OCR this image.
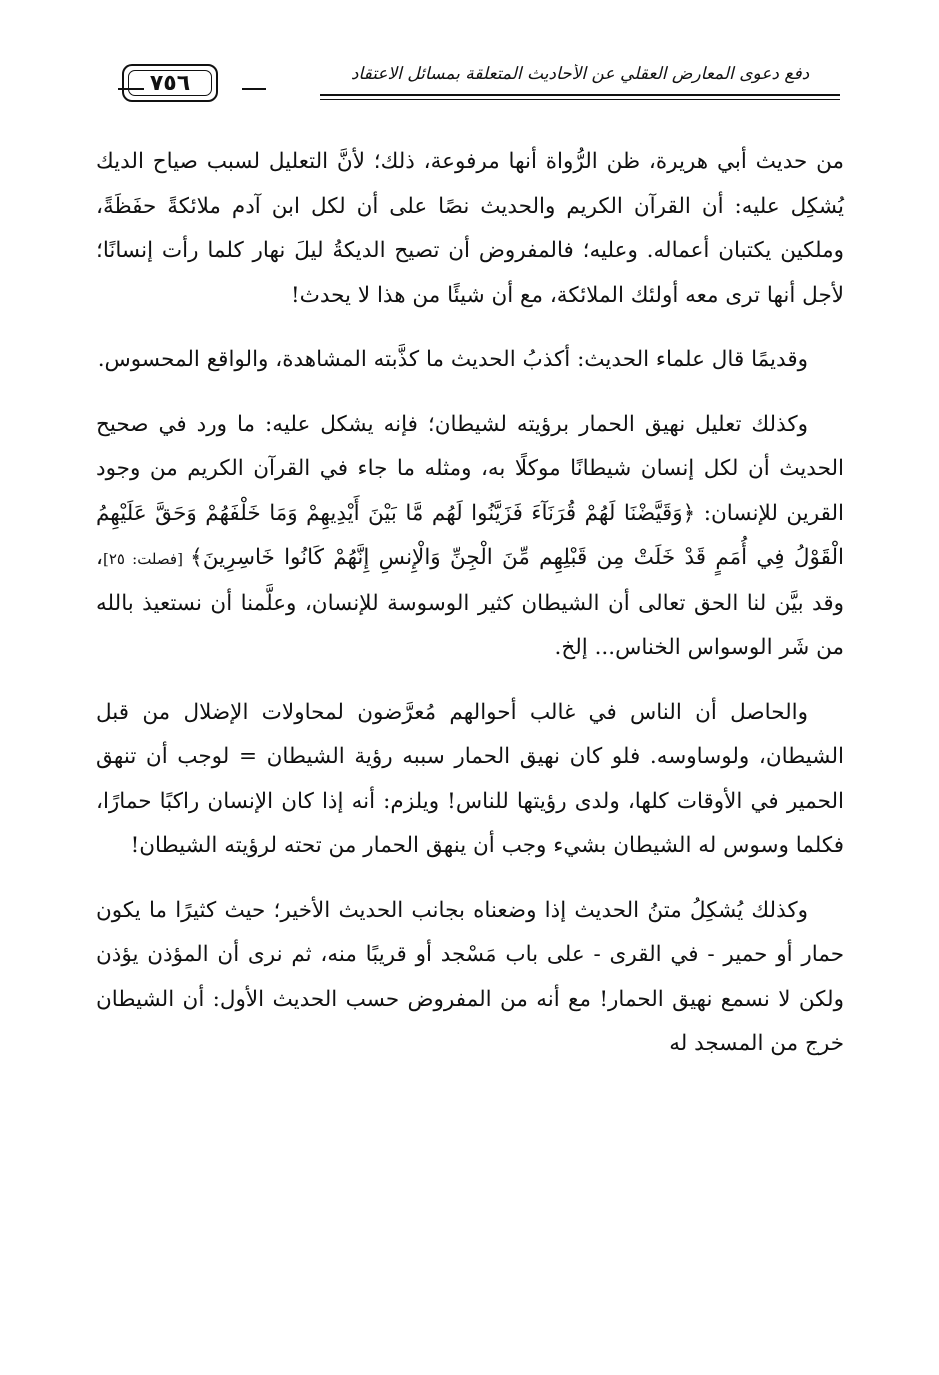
دفع دعوى المعارض العقلي عن الأحاديث المتعلقة بمسائل الاعتقاد
٧٥٦

من حديث أبي هريرة، ظن الرُّواة أنها مرفوعة، ذلك؛ لأنَّ التعليل لسبب صياح الديك يُشكِل عليه: أن القرآن الكريم والحديث نصًا على أن لكل ابن آدم ملائكةً حفَظَةً، وملكين يكتبان أعماله. وعليه؛ فالمفروض أن تصيح الديكةُ ليلَ نهار كلما رأت إنسانًا؛ لأجل أنها ترى معه أولئك الملائكة، مع أن شيئًا من هذا لا يحدث!

وقديمًا قال علماء الحديث: أكذبُ الحديث ما كذَّبته المشاهدة، والواقع المحسوس.

وكذلك تعليل نهيق الحمار برؤيته لشيطان؛ فإنه يشكل عليه: ما ورد في صحيح الحديث أن لكل إنسان شيطانًا موكلًا به، ومثله ما جاء في القرآن الكريم من وجود القرين للإنسان: ﴿وَقَيَّضْنَا لَهُمْ قُرَنَآءَ فَزَيَّنُوا لَهُم مَّا بَيْنَ أَيْدِيهِمْ وَمَا خَلْفَهُمْ وَحَقَّ عَلَيْهِمُ الْقَوْلُ فِي أُمَمٍ قَدْ خَلَتْ مِن قَبْلِهِم مِّنَ الْجِنِّ وَالْإِنسِ إِنَّهُمْ كَانُوا خَاسِرِينَ﴾ [فصلت: ٢٥]، وقد بيَّن لنا الحق تعالى أن الشيطان كثير الوسوسة للإنسان، وعلَّمنا أن نستعيذ بالله من شَر الوسواس الخناس... إلخ.

والحاصل أن الناس في غالب أحوالهم مُعرَّضون لمحاولات الإضلال من قبل الشيطان، ولوساوسه. فلو كان نهيق الحمار سببه رؤية الشيطان = لوجب أن تنهق الحمير في الأوقات كلها، ولدى رؤيتها للناس! ويلزم: أنه إذا كان الإنسان راكبًا حمارًا، فكلما وسوس له الشيطان بشيء وجب أن ينهق الحمار من تحته لرؤيته الشيطان!

وكذلك يُشكِلُ متنُ الحديث إذا وضعناه بجانب الحديث الأخير؛ حيث كثيرًا ما يكون حمار أو حمير - في القرى - على باب مَسْجد أو قريبًا منه، ثم نرى أن المؤذن يؤذن ولكن لا نسمع نهيق الحمار! مع أنه من المفروض حسب الحديث الأول: أن الشيطان خرج من المسجد له
